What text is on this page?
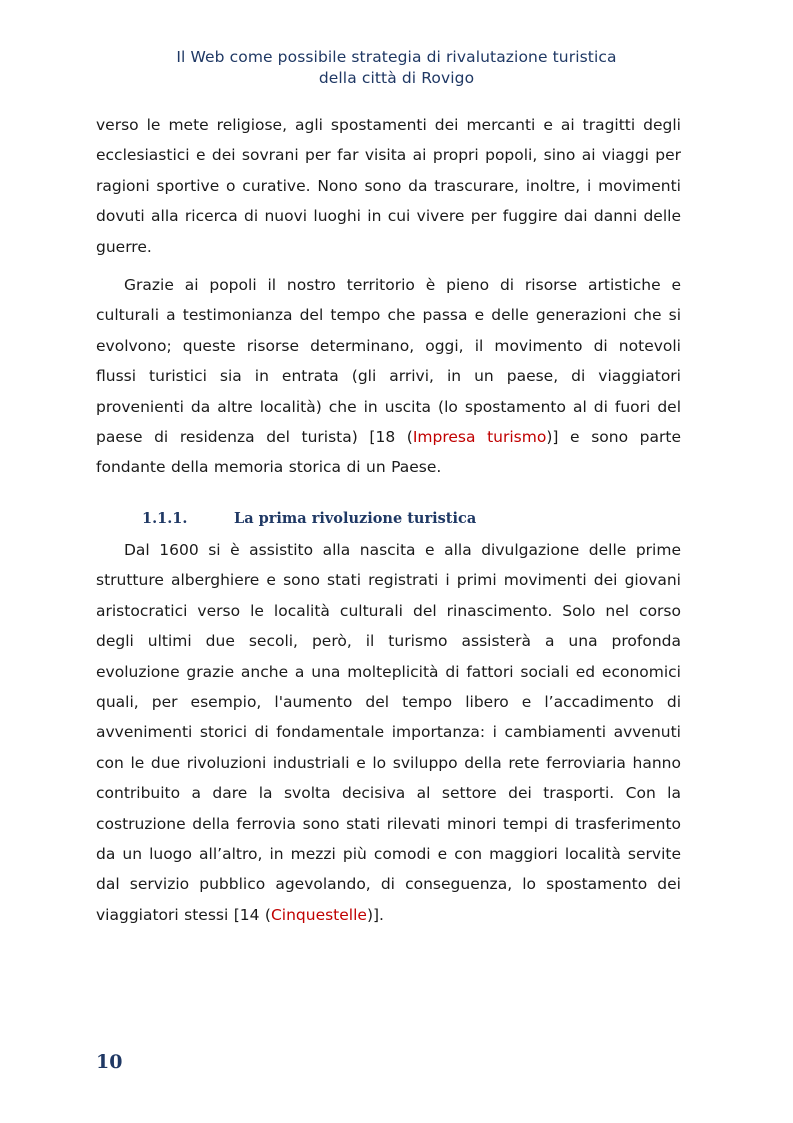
Il Web come possibile strategia di rivalutazione turistica
della città di Rovigo

verso le mete religiose, agli spostamenti dei mercanti e ai tragitti degli ecclesiastici e dei sovrani per far visita ai propri popoli, sino ai viaggi per ragioni sportive o curative. Nono sono da trascurare, inoltre, i movimenti dovuti alla ricerca di nuovi luoghi in cui vivere per fuggire dai danni delle guerre.

Grazie ai popoli il nostro territorio è pieno di risorse artistiche e culturali a testimonianza del tempo che passa e delle generazioni che si evolvono; queste risorse determinano, oggi, il movimento di notevoli flussi turistici sia in entrata (gli arrivi, in un paese, di viaggiatori provenienti da altre località) che in uscita (lo spostamento al di fuori del paese di residenza del turista) [18 (Impresa turismo)] e sono parte fondante della memoria storica di un Paese.

1.1.1.	La prima rivoluzione turistica

Dal 1600 si è assistito alla nascita e alla divulgazione delle prime strutture alberghiere e sono stati registrati i primi movimenti dei giovani aristocratici verso le località culturali del rinascimento. Solo nel corso degli ultimi due secoli, però, il turismo assisterà a una profonda evoluzione grazie anche a una molteplicità di fattori sociali ed economici quali, per esempio, l'aumento del tempo libero e l’accadimento di avvenimenti storici di fondamentale importanza: i cambiamenti avvenuti con le due rivoluzioni industriali e lo sviluppo della rete ferroviaria hanno contribuito a dare la svolta decisiva al settore dei trasporti. Con la costruzione della ferrovia sono stati rilevati minori tempi di trasferimento da un luogo all’altro, in mezzi più comodi e con maggiori località servite dal servizio pubblico agevolando, di conseguenza, lo spostamento dei viaggiatori stessi [14 (Cinquestelle)].

10
